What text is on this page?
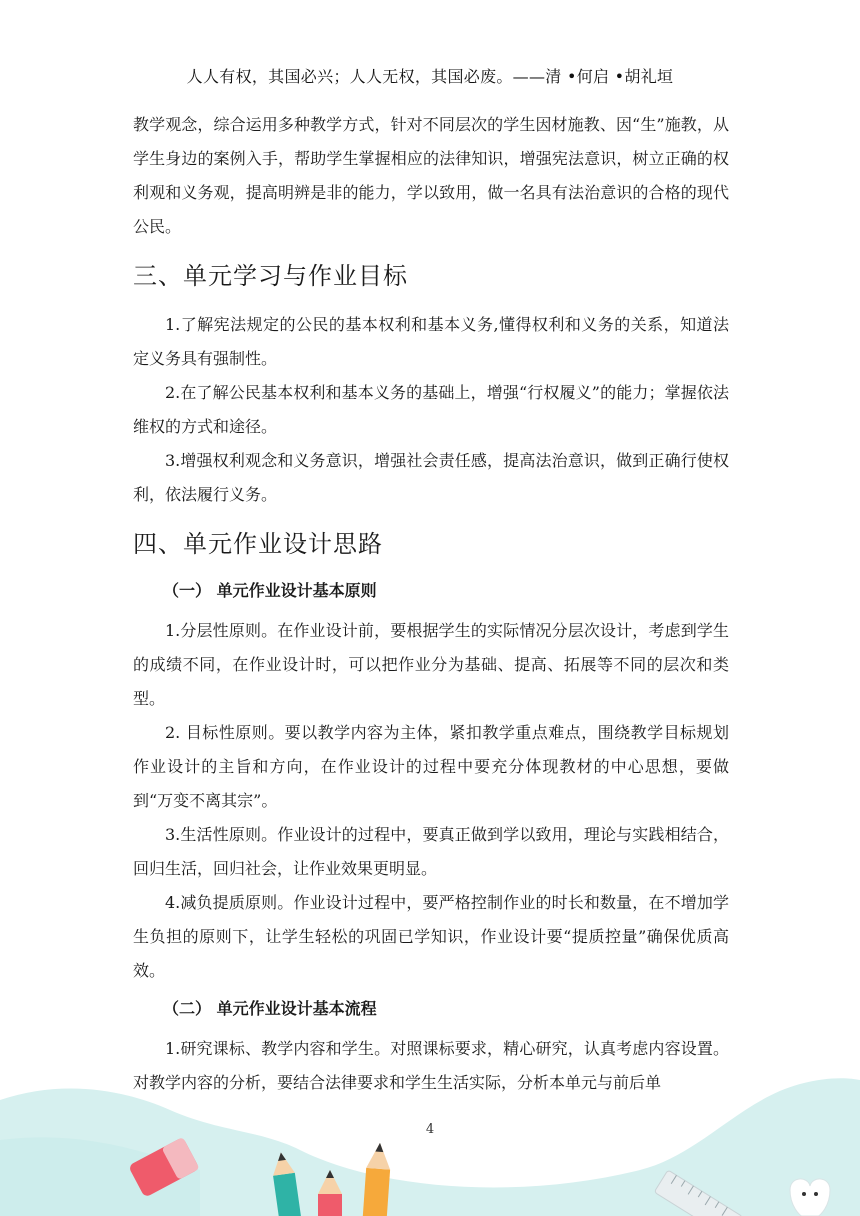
人人有权，其国必兴；人人无权，其国必废。——清 •何启 •胡礼垣

教学观念，综合运用多种教学方式，针对不同层次的学生因材施教、因“生”施教，从学生身边的案例入手，帮助学生掌握相应的法律知识，增强宪法意识，树立正确的权利观和义务观，提高明辨是非的能力，学以致用，做一名具有法治意识的合格的现代公民。

三、单元学习与作业目标

1.了解宪法规定的公民的基本权利和基本义务,懂得权利和义务的关系，知道法定义务具有强制性。

2.在了解公民基本权利和基本义务的基础上，增强“行权履义”的能力；掌握依法维权的方式和途径。

3.增强权利观念和义务意识，增强社会责任感，提高法治意识，做到正确行使权利，依法履行义务。

四、单元作业设计思路
（一） 单元作业设计基本原则

1.分层性原则。在作业设计前，要根据学生的实际情况分层次设计，考虑到学生的成绩不同，在作业设计时，可以把作业分为基础、提高、拓展等不同的层次和类型。

2. 目标性原则。要以教学内容为主体，紧扣教学重点难点，围绕教学目标规划作业设计的主旨和方向，在作业设计的过程中要充分体现教材的中心思想，要做到“万变不离其宗”。

3.生活性原则。作业设计的过程中，要真正做到学以致用，理论与实践相结合，回归生活，回归社会，让作业效果更明显。

4.减负提质原则。作业设计过程中，要严格控制作业的时长和数量，在不增加学生负担的原则下，让学生轻松的巩固已学知识，作业设计要“提质控量”确保优质高效。

（二） 单元作业设计基本流程

1.研究课标、教学内容和学生。对照课标要求，精心研究，认真考虑内容设置。对教学内容的分析，要结合法律要求和学生生活实际，分析本单元与前后单

4
